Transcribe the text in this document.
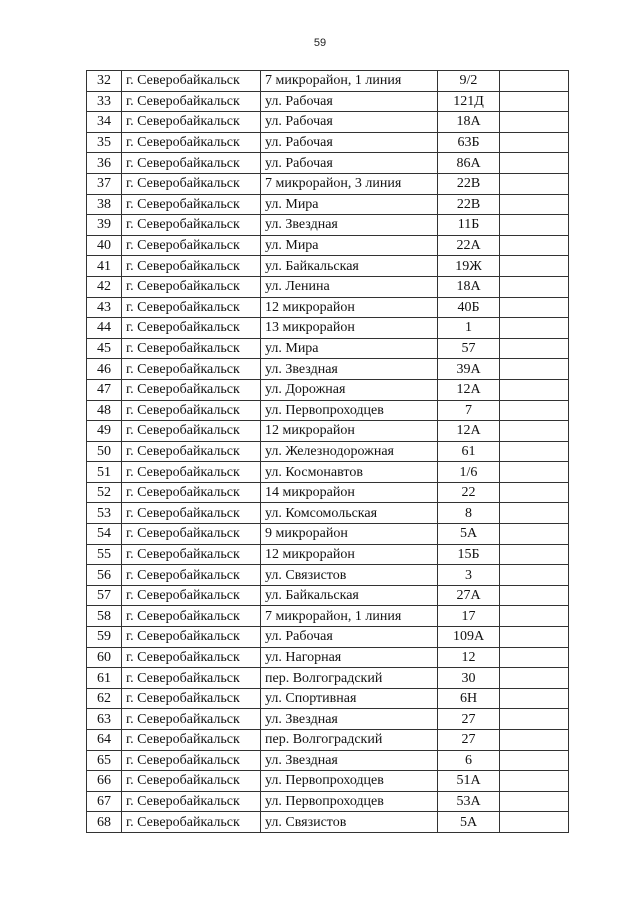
59
32	г. Северобайкальск	7 микрорайон, 1 линия	9/2	
33	г. Северобайкальск	ул. Рабочая	121Д	
34	г. Северобайкальск	ул. Рабочая	18А	
35	г. Северобайкальск	ул. Рабочая	63Б	
36	г. Северобайкальск	ул. Рабочая	86А	
37	г. Северобайкальск	7 микрорайон, 3 линия	22В	
38	г. Северобайкальск	ул. Мира	22В	
39	г. Северобайкальск	ул. Звездная	11Б	
40	г. Северобайкальск	ул. Мира	22А	
41	г. Северобайкальск	ул. Байкальская	19Ж	
42	г. Северобайкальск	ул. Ленина	18А	
43	г. Северобайкальск	12 микрорайон	40Б	
44	г. Северобайкальск	13 микрорайон	1	
45	г. Северобайкальск	ул. Мира	57	
46	г. Северобайкальск	ул. Звездная	39А	
47	г. Северобайкальск	ул. Дорожная	12А	
48	г. Северобайкальск	ул. Первопроходцев	7	
49	г. Северобайкальск	12 микрорайон	12А	
50	г. Северобайкальск	ул. Железнодорожная	61	
51	г. Северобайкальск	ул. Космонавтов	1/6	
52	г. Северобайкальск	14 микрорайон	22	
53	г. Северобайкальск	ул. Комсомольская	8	
54	г. Северобайкальск	9 микрорайон	5А	
55	г. Северобайкальск	12 микрорайон	15Б	
56	г. Северобайкальск	ул. Связистов	3	
57	г. Северобайкальск	ул. Байкальская	27А	
58	г. Северобайкальск	7 микрорайон, 1 линия	17	
59	г. Северобайкальск	ул. Рабочая	109А	
60	г. Северобайкальск	ул. Нагорная	12	
61	г. Северобайкальск	пер. Волгоградский	30	
62	г. Северобайкальск	ул. Спортивная	6Н	
63	г. Северобайкальск	ул. Звездная	27	
64	г. Северобайкальск	пер. Волгоградский	27	
65	г. Северобайкальск	ул. Звездная	6	
66	г. Северобайкальск	ул. Первопроходцев	51А	
67	г. Северобайкальск	ул. Первопроходцев	53А	
68	г. Северобайкальск	ул. Связистов	5А	
